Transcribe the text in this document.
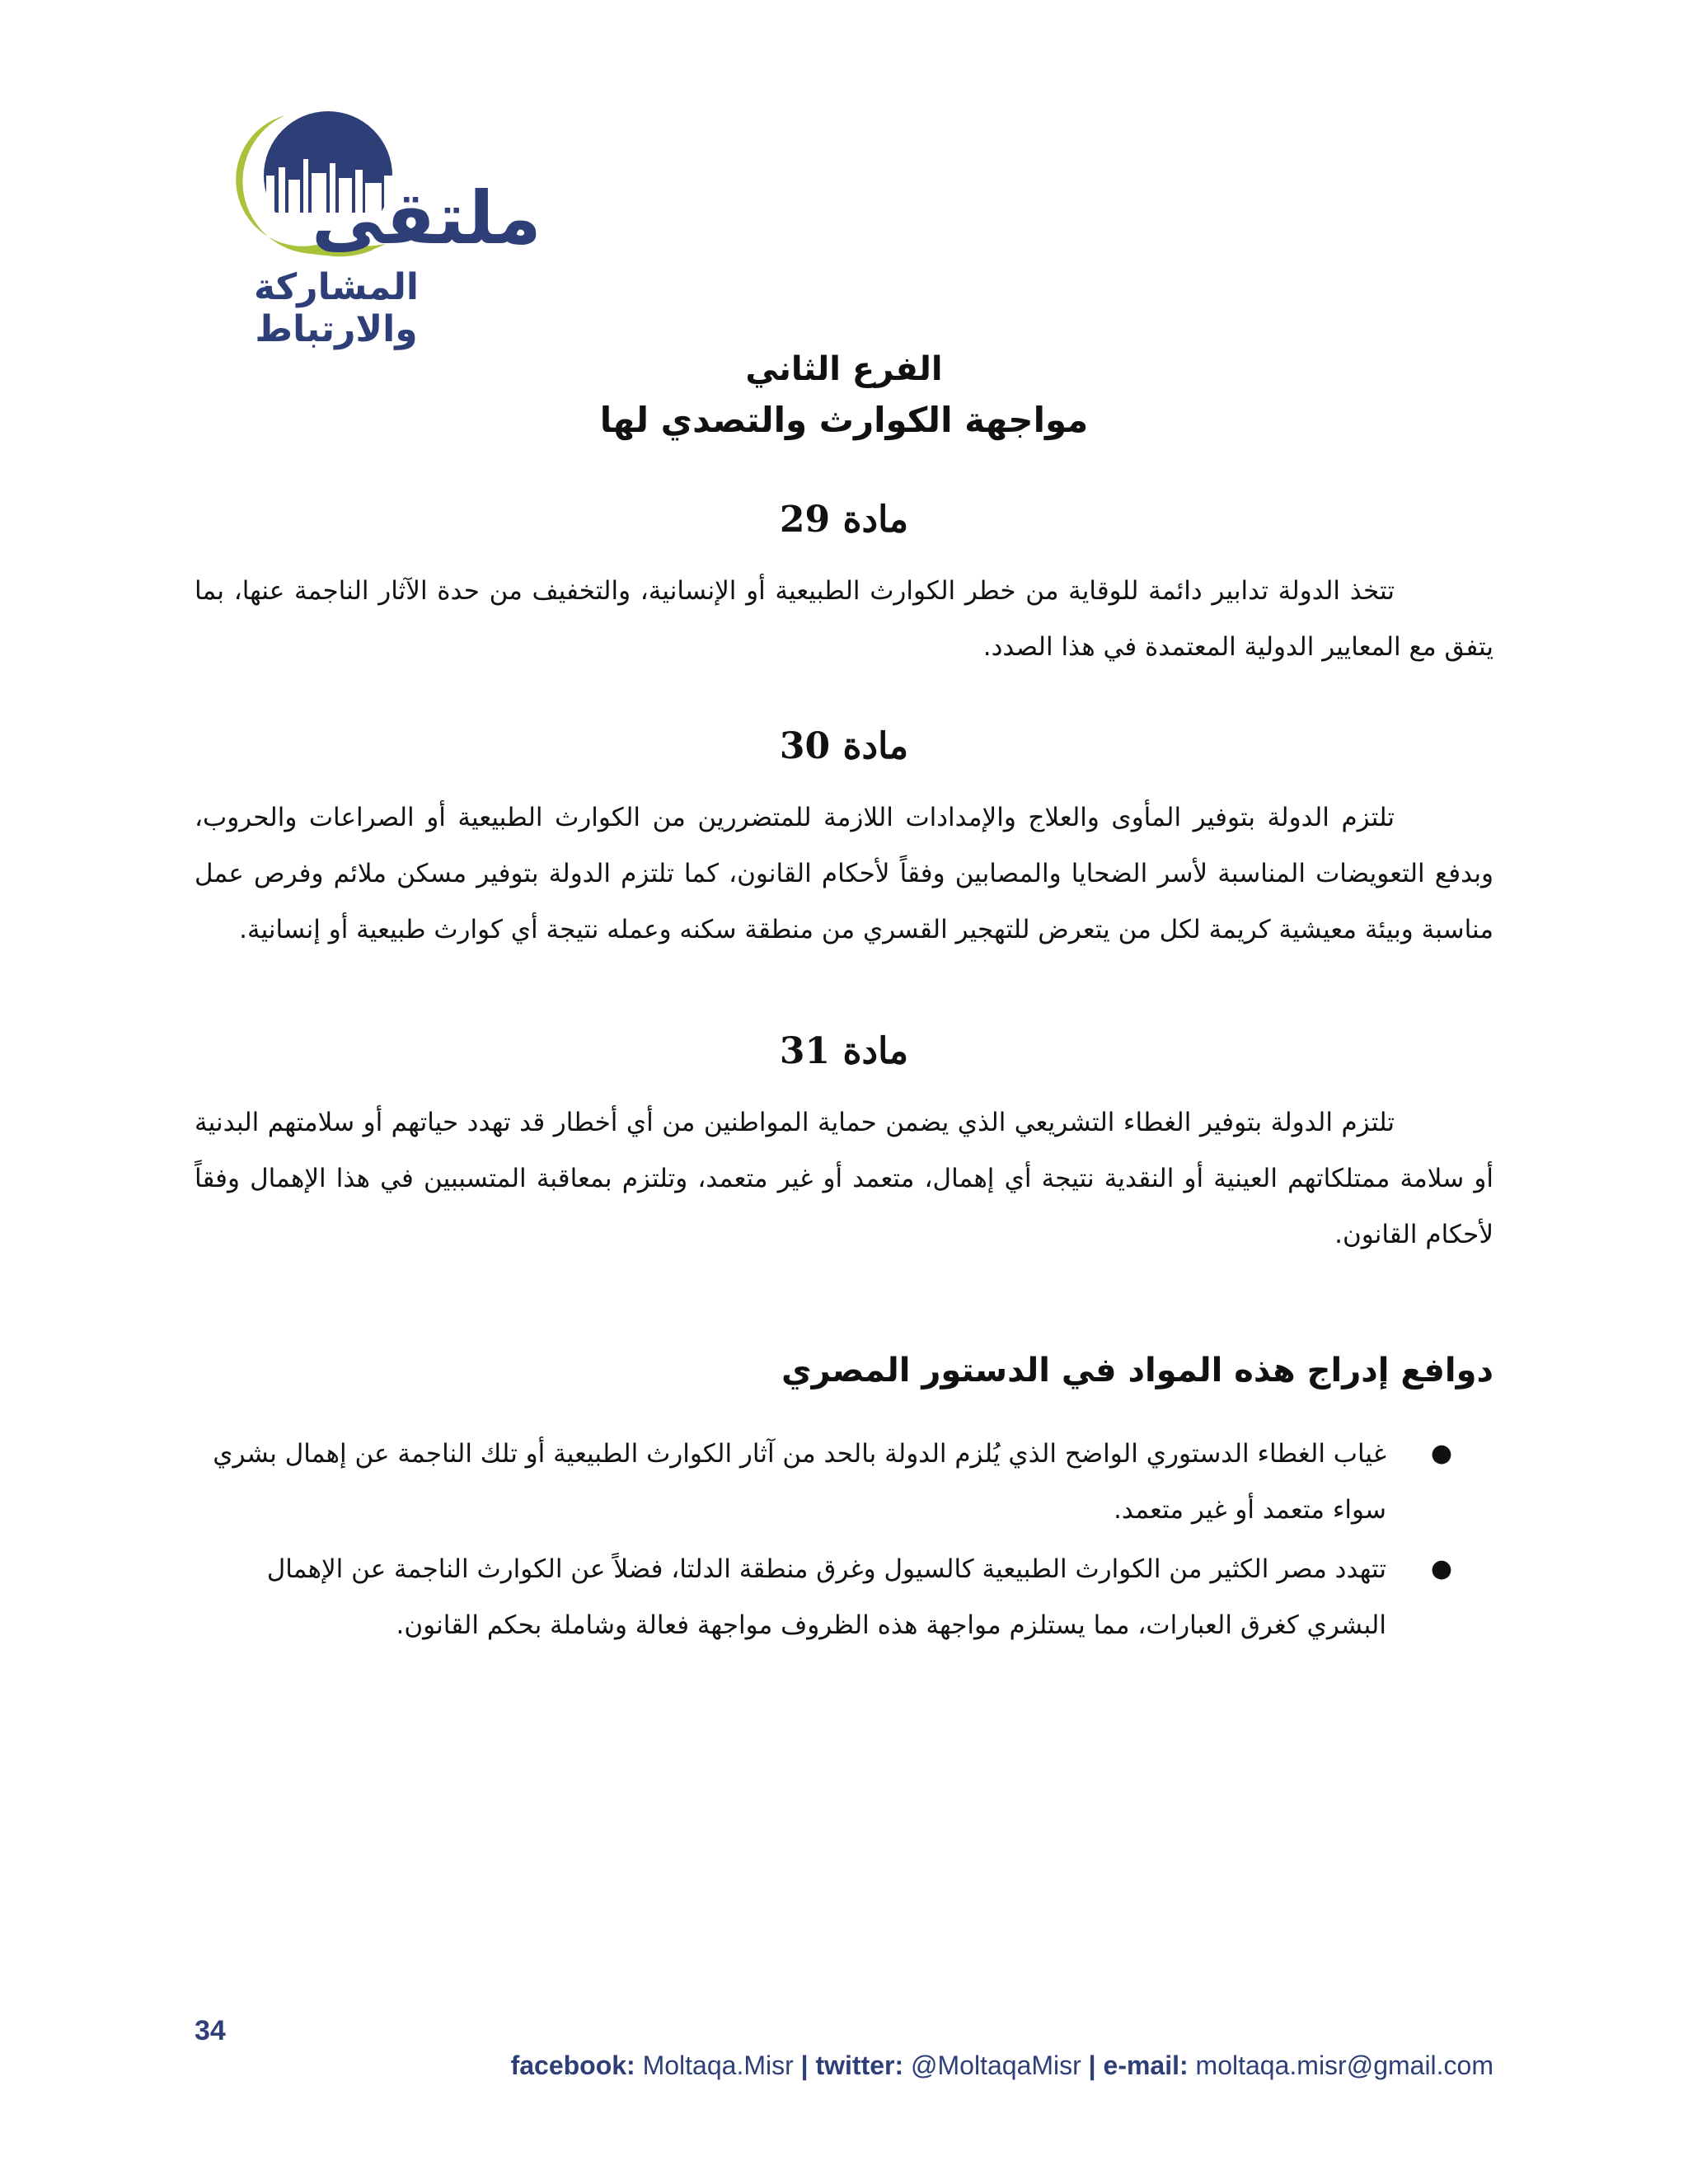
ملتقى
المشاركة والارتباط
الفرع الثاني
مواجهة الكوارث والتصدي لها
مادة 29
تتخذ الدولة تدابير دائمة للوقاية من خطر الكوارث الطبيعية أو الإنسانية، والتخفيف من حدة الآثار الناجمة عنها، بما يتفق مع المعايير الدولية المعتمدة في هذا الصدد.
مادة 30
تلتزم الدولة بتوفير المأوى والعلاج والإمدادات اللازمة للمتضررين من الكوارث الطبيعية أو الصراعات والحروب، وبدفع التعويضات المناسبة لأسر الضحايا والمصابين وفقاً لأحكام القانون، كما تلتزم الدولة بتوفير مسكن ملائم وفرص عمل مناسبة وبيئة معيشية كريمة لكل من يتعرض للتهجير القسري من منطقة سكنه وعمله نتيجة أي كوارث طبيعية أو إنسانية.
مادة 31
تلتزم الدولة بتوفير الغطاء التشريعي الذي يضمن حماية المواطنين من أي أخطار قد تهدد حياتهم أو سلامتهم البدنية أو سلامة ممتلكاتهم العينية أو النقدية نتيجة أي إهمال، متعمد أو غير متعمد، وتلتزم بمعاقبة المتسببين في هذا الإهمال وفقاً لأحكام القانون.
دوافع إدراج هذه المواد في الدستور المصري
●
غياب الغطاء الدستوري الواضح الذي يُلزم الدولة بالحد من آثار الكوارث الطبيعية أو تلك الناجمة عن إهمال بشري سواء متعمد أو غير متعمد.
●
تتهدد مصر الكثير من الكوارث الطبيعية كالسيول وغرق منطقة الدلتا، فضلاً عن الكوارث الناجمة عن الإهمال البشري كغرق العبارات، مما يستلزم مواجهة هذه الظروف مواجهة فعالة وشاملة بحكم القانون.
34
facebook: Moltaqa.Misr | twitter: @MoltaqaMisr | e-mail: moltaqa.misr@gmail.com
